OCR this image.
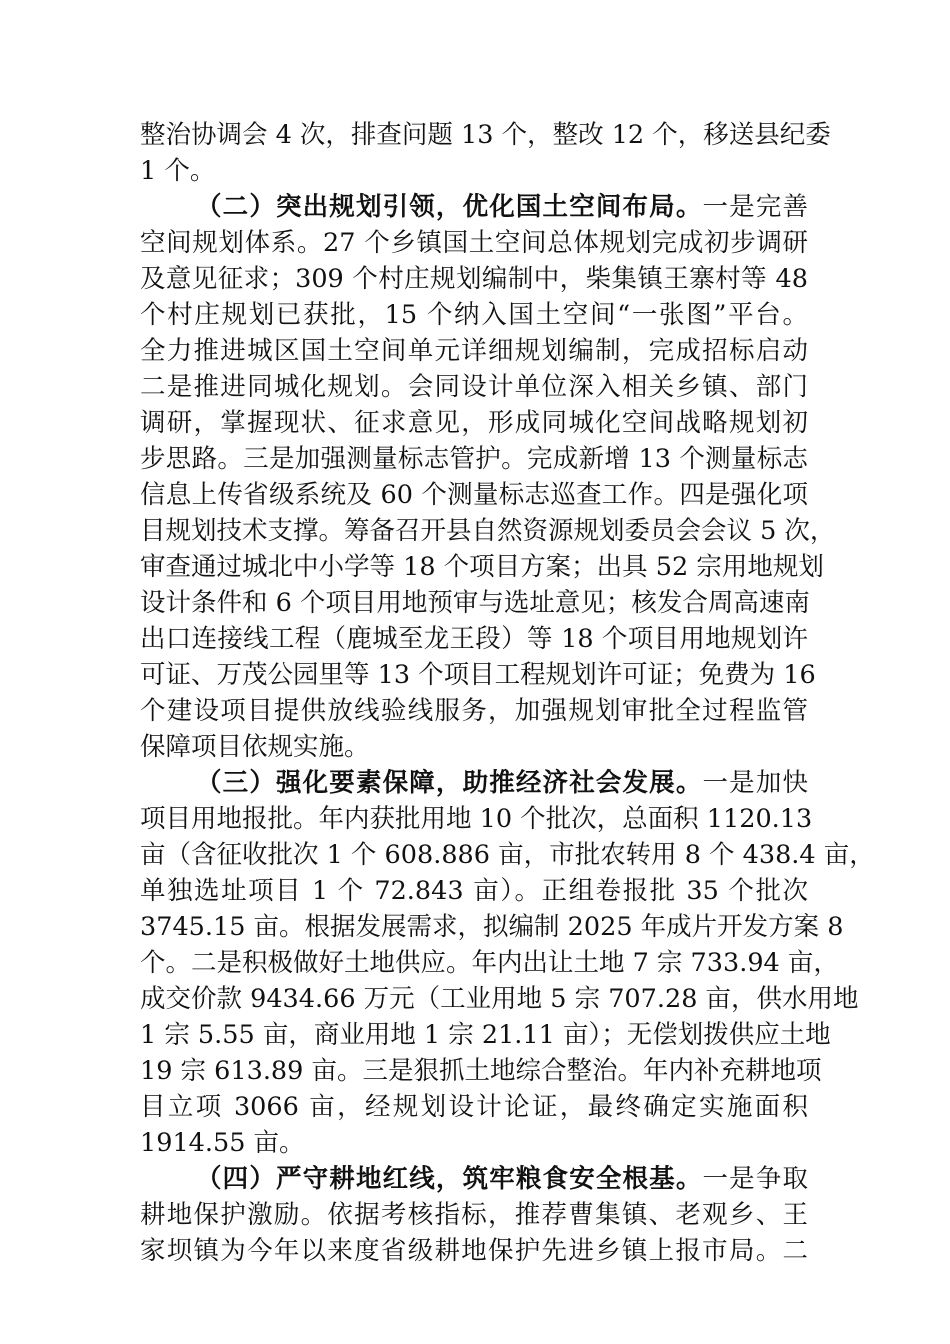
整治协调会 4 次，排查问题 13 个，整改 12 个，移送县纪委
1 个。
（二）突出规划引领，优化国土空间布局。一是完善
空间规划体系。27 个乡镇国土空间总体规划完成初步调研
及意见征求；309 个村庄规划编制中，柴集镇王寨村等 48
个村庄规划已获批，15 个纳入国土空间“一张图”平台。
全力推进城区国土空间单元详细规划编制，完成招标启动
二是推进同城化规划。会同设计单位深入相关乡镇、部门
调研，掌握现状、征求意见，形成同城化空间战略规划初
步思路。三是加强测量标志管护。完成新增 13 个测量标志
信息上传省级系统及 60 个测量标志巡查工作。四是强化项
目规划技术支撑。筹备召开县自然资源规划委员会会议 5 次，
审查通过城北中小学等 18 个项目方案；出具 52 宗用地规划
设计条件和 6 个项目用地预审与选址意见；核发合周高速南
出口连接线工程（鹿城至龙王段）等 18 个项目用地规划许
可证、万茂公园里等 13 个项目工程规划许可证；免费为 16
个建设项目提供放线验线服务，加强规划审批全过程监管
保障项目依规实施。
（三）强化要素保障，助推经济社会发展。一是加快
项目用地报批。年内获批用地 10 个批次，总面积 1120.13
亩（含征收批次 1 个 608.886 亩，市批农转用 8 个 438.4 亩，
单独选址项目 1 个 72.843 亩）。正组卷报批 35 个批次
3745.15 亩。根据发展需求，拟编制 2025 年成片开发方案 8
个。二是积极做好土地供应。年内出让土地 7 宗 733.94 亩，
成交价款 9434.66 万元（工业用地 5 宗 707.28 亩，供水用地
1 宗 5.55 亩，商业用地 1 宗 21.11 亩）；无偿划拨供应土地
19 宗 613.89 亩。三是狠抓土地综合整治。年内补充耕地项
目立项 3066 亩，经规划设计论证，最终确定实施面积
1914.55 亩。
（四）严守耕地红线，筑牢粮食安全根基。一是争取
耕地保护激励。依据考核指标，推荐曹集镇、老观乡、王
家坝镇为今年以来度省级耕地保护先进乡镇上报市局。二
